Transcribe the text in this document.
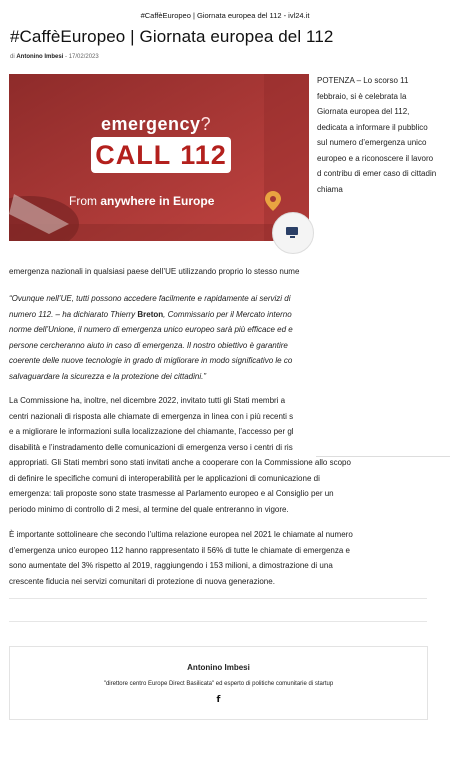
#CaffèEuropeo | Giornata europea del 112 - ivl24.it
#CaffèEuropeo | Giornata europea del 112
di Antonino Imbesi - 17/02/2023
emergency?
CALL 112
From anywhere in Europe
POTENZA – Lo scorso 11 febbraio, si è celebrata la Giornata europea del 112, dedicata a informare il pubblico sul numero d’emergenza unico europeo e a riconoscere il lavoro d contribu di emer caso di cittadin chiama
emergenza nazionali in qualsiasi paese dell’UE utilizzando proprio lo stesso nume
“Ovunque nell’UE, tutti possono accedere facilmente e rapidamente ai servizi di
numero 112. – ha dichiarato Thierry Breton, Commissario per il Mercato interno
norme dell’Unione, il numero di emergenza unico europeo sarà più efficace ed e
persone cercheranno aiuto in caso di emergenza. Il nostro obiettivo è garantire
coerente delle nuove tecnologie in grado di migliorare in modo significativo le co
salvaguardare la sicurezza e la protezione dei cittadini.”
La Commissione ha, inoltre, nel dicembre 2022, invitato tutti gli Stati membri a
centri nazionali di risposta alle chiamate di emergenza in linea con i più recenti s
e a migliorare le informazioni sulla localizzazione del chiamante, l’accesso per gl
disabilità e l’instradamento delle comunicazioni di emergenza verso i centri di ris
appropriati. Gli Stati membri sono stati invitati anche a cooperare con la Commissione allo scopo
di definire le specifiche comuni di interoperabilità per le applicazioni di comunicazione di
emergenza: tali proposte sono state trasmesse al Parlamento europeo e al Consiglio per un
periodo minimo di controllo di 2 mesi, al termine del quale entreranno in vigore.
È importante sottolineare che secondo l’ultima relazione europea nel 2021 le chiamate al numero
d’emergenza unico europeo 112 hanno rappresentato il 56% di tutte le chiamate di emergenza e
sono aumentate del 3% rispetto al 2019, raggiungendo i 153 milioni, a dimostrazione di una
crescente fiducia nei servizi comunitari di protezione di nuova generazione.
Antonino Imbesi
"direttore centro Europe Direct Basilicata" ed esperto di politiche comunitarie di startup
f
